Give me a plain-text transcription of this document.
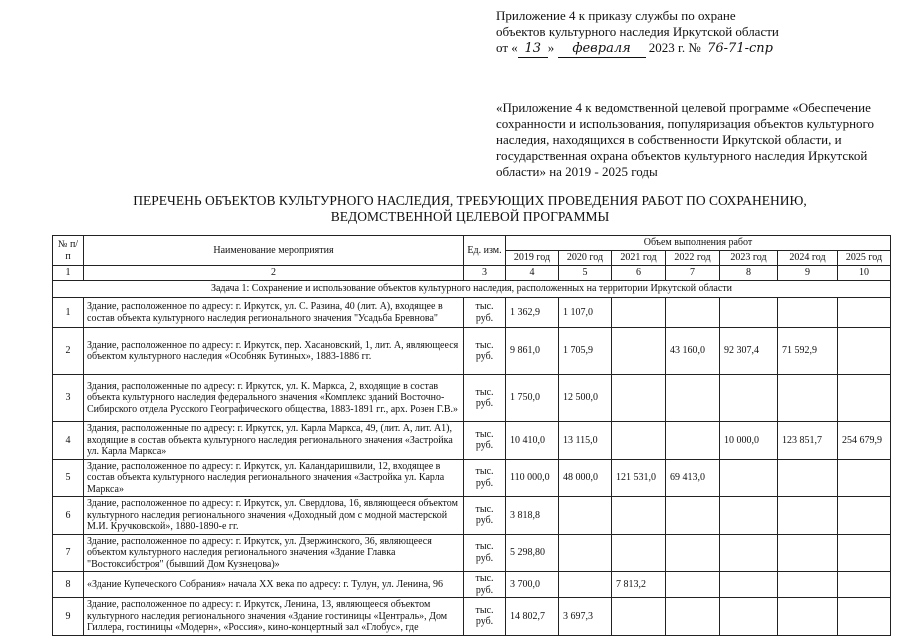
Приложение 4 к приказу службы по охране
объектов культурного наследия Иркутской области
от « 13 » февраля 2023 г. № 76-71-спр
«Приложение 4 к ведомственной целевой программе «Обеспечение сохранности и использования, популяризация объектов культурного наследия, находящихся в собственности Иркутской области, и государственная охрана объектов культурного наследия Иркутской области» на 2019 - 2025 годы
ПЕРЕЧЕНЬ ОБЪЕКТОВ КУЛЬТУРНОГО НАСЛЕДИЯ, ТРЕБУЮЩИХ ПРОВЕДЕНИЯ РАБОТ ПО СОХРАНЕНИЮ,
ВЕДОМСТВЕННОЙ ЦЕЛЕВОЙ ПРОГРАММЫ
№ п/п	Наименование мероприятия	Ед. изм.	Объем выполнения работ						
			2019 год	2020 год	2021 год	2022 год	2023 год	2024 год	2025 год
1	2	3	4	5	6	7	8	9	10
Задача 1: Сохранение и использование объектов культурного наследия, расположенных на территории Иркутской области									
1	Здание, расположенное по адресу: г. Иркутск, ул. С. Разина, 40 (лит. А), входящее в состав объекта культурного наследия регионального значения "Усадьба Бревнова"	тыс. руб.	1 362,9	1 107,0					
2	Здание, расположенное по адресу: г. Иркутск, пер. Хасановский, 1, лит. А, являющееся объектом культурного наследия «Особняк Бутиных», 1883-1886 гг.	тыс. руб.	9 861,0	1 705,9		43 160,0	92 307,4	71 592,9	
3	Здания, расположенные по адресу: г. Иркутск, ул. К. Маркса, 2, входящие в состав объекта культурного наследия федерального значения «Комплекс зданий Восточно-Сибирского отдела Русского Географического общества, 1883-1891 гг., арх. Розен Г.В.»	тыс. руб.	1 750,0	12 500,0					
4	Здания, расположенные по адресу: г. Иркутск, ул. Карла Маркса, 49, (лит. А, лит. А1), входящие в состав объекта культурного наследия регионального значения «Застройка ул. Карла Маркса»	тыс. руб.	10 410,0	13 115,0			10 000,0	123 851,7	254 679,9
5	Здание, расположенное по адресу: г. Иркутск, ул. Каландаришвили, 12, входящее в состав объекта культурного наследия регионального значения «Застройка ул. Карла Маркса»	тыс. руб.	110 000,0	48 000,0	121 531,0	69 413,0			
6	Здание, расположенное по адресу: г. Иркутск, ул. Свердлова, 16, являющееся объектом культурного наследия регионального значения «Доходный дом с модной мастерской М.И. Кручковской», 1880-1890-е гг.	тыс. руб.	3 818,8						
7	Здание, расположенное по адресу: г. Иркутск, ул. Дзержинского, 36, являющееся объектом культурного наследия регионального значения «Здание Главка "Востоксибстроя" (бывший Дом Кузнецова)»	тыс. руб.	5 298,80						
8	«Здание Купеческого Собрания» начала XX века по адресу: г. Тулун, ул. Ленина, 96	тыс. руб.	3 700,0		7 813,2				
9	Здание, расположенное по адресу: г. Иркутск, Ленина, 13, являющееся объектом культурного наследия регионального значения «Здание гостиницы «Централь», Дом Гиллера, гостиницы «Модерн», «Россия», кино-концертный зал «Глобус», где	тыс. руб.	14 802,7	3 697,3					
